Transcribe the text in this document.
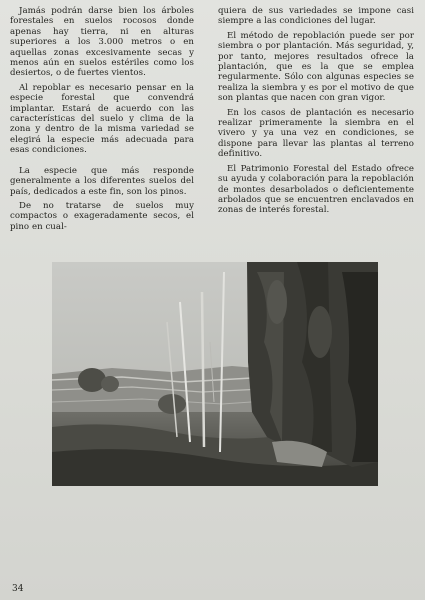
Jamás podrán darse bien los árboles forestales en suelos rocosos donde apenas hay tierra, ni en alturas superiores a los 3.000 metros o en aquellas zonas excesivamente secas y menos aún en suelos estériles como los desiertos, o de fuertes vientos.

Al repoblar es necesario pensar en la especie forestal que convendrá implantar. Estará de acuerdo con las características del suelo y clima de la zona y dentro de la misma variedad se elegirá la especie más adecuada para esas condiciones.

La especie que más responde generalmente a los diferentes suelos del país, dedicados a este fin, son los pinos.

De no tratarse de suelos muy compactos o exageradamente secos, el pino en cual-

quiera de sus variedades se impone casi siempre a las condiciones del lugar.

El método de repoblación puede ser por siembra o por plantación. Más seguridad, y, por tanto, mejores resultados ofrece la plantación, que es la que se emplea regularmente. Sólo con algunas especies se realiza la siembra y es por el motivo de que son plantas que nacen con gran vigor.

En los casos de plantación es necesario realizar primeramente la siembra en el vivero y ya una vez en condiciones, se dispone para llevar las plantas al terreno definitivo.

El Patrimonio Forestal del Estado ofrece su ayuda y colaboración para la repoblación de montes desarbolados o deficientemente arbolados que se encuentren enclavados en zonas de interés forestal.

34
